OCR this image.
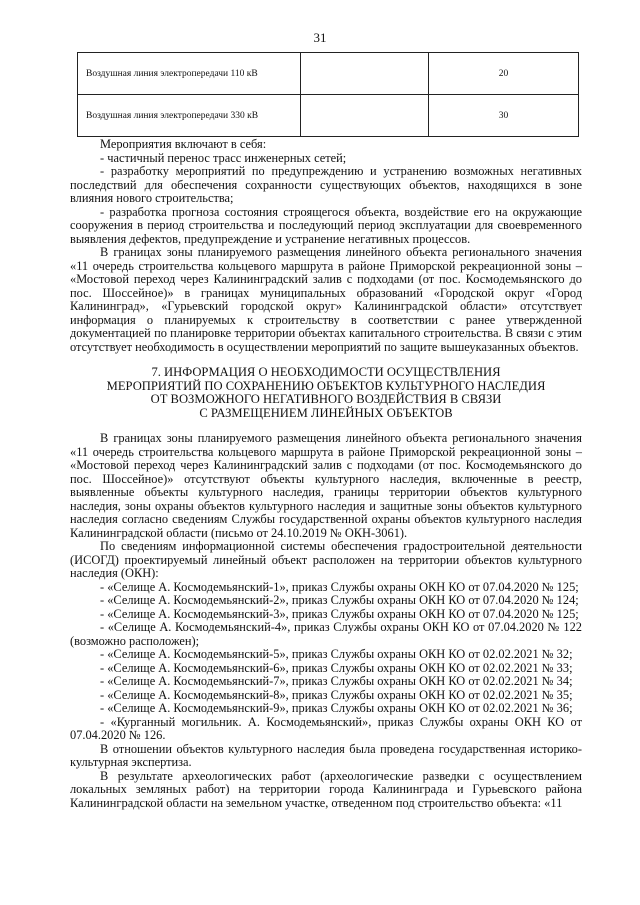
31
Воздушная линия электропередачи 110 кВ		20
Воздушная линия электропередачи 330 кВ		30

Мероприятия включают в себя:

- частичный перенос трасс инженерных сетей;

- разработку мероприятий по предупреждению и устранению возможных негативных последствий для обеспечения сохранности существующих объектов, находящихся в зоне влияния нового строительства;

- разработка прогноза состояния строящегося объекта, воздействие его на окружающие сооружения в период строительства и последующий период эксплуатации для своевременного выявления дефектов, предупреждение и устранение негативных процессов.

В границах зоны планируемого размещения линейного объекта регионального значения «11 очередь строительства кольцевого маршрута в районе Приморской рекреационной зоны – «Мостовой переход через Калининградский залив с подходами (от пос. Космодемьянского до пос. Шоссейное)» в границах муниципальных образований «Городской округ «Город Калининград», «Гурьевский городской округ» Калининградской области» отсутствует информация о планируемых к строительству в соответствии с ранее утвержденной документацией по планировке территории объектах капитального строительства. В связи с этим отсутствует необходимость в осуществлении мероприятий по защите вышеуказанных объектов.

7. ИНФОРМАЦИЯ О НЕОБХОДИМОСТИ ОСУЩЕСТВЛЕНИЯ
МЕРОПРИЯТИЙ ПО СОХРАНЕНИЮ ОБЪЕКТОВ КУЛЬТУРНОГО НАСЛЕДИЯ
ОТ ВОЗМОЖНОГО НЕГАТИВНОГО ВОЗДЕЙСТВИЯ В СВЯЗИ
С РАЗМЕЩЕНИЕМ ЛИНЕЙНЫХ ОБЪЕКТОВ

В границах зоны планируемого размещения линейного объекта регионального значения «11 очередь строительства кольцевого маршрута в районе Приморской рекреационной зоны – «Мостовой переход через Калининградский залив с подходами (от пос. Космодемьянского до пос. Шоссейное)» отсутствуют объекты культурного наследия, включенные в реестр, выявленные объекты культурного наследия, границы территории объектов культурного наследия, зоны охраны объектов культурного наследия и защитные зоны объектов культурного наследия согласно сведениям Службы государственной охраны объектов культурного наследия Калининградской области (письмо от 24.10.2019 № ОКН-3061).

По сведениям информационной системы обеспечения градостроительной деятельности (ИСОГД) проектируемый линейный объект расположен на территории объектов культурного наследия (ОКН):

- «Селище А. Космодемьянский-1», приказ Службы охраны ОКН КО от 07.04.2020 № 125;

- «Селище А. Космодемьянский-2», приказ Службы охраны ОКН КО от 07.04.2020 № 124;

- «Селище А. Космодемьянский-3», приказ Службы охраны ОКН КО от 07.04.2020 № 125;

- «Селище А. Космодемьянский-4», приказ Службы охраны ОКН КО от 07.04.2020 № 122 (возможно расположен);

- «Селище А. Космодемьянский-5», приказ Службы охраны ОКН КО от 02.02.2021 № 32;

- «Селище А. Космодемьянский-6», приказ Службы охраны ОКН КО от 02.02.2021 № 33;

- «Селище А. Космодемьянский-7», приказ Службы охраны ОКН КО от 02.02.2021 № 34;

- «Селище А. Космодемьянский-8», приказ Службы охраны ОКН КО от 02.02.2021 № 35;

- «Селище А. Космодемьянский-9», приказ Службы охраны ОКН КО от 02.02.2021 № 36;

- «Курганный могильник. А. Космодемьянский», приказ Службы охраны ОКН КО от 07.04.2020 № 126.

В отношении объектов культурного наследия была проведена государственная историко-культурная экспертиза.

В результате археологических работ (археологические разведки с осуществлением локальных земляных работ) на территории города Калининграда и Гурьевского района Калининградской области на земельном участке, отведенном под строительство объекта: «11
